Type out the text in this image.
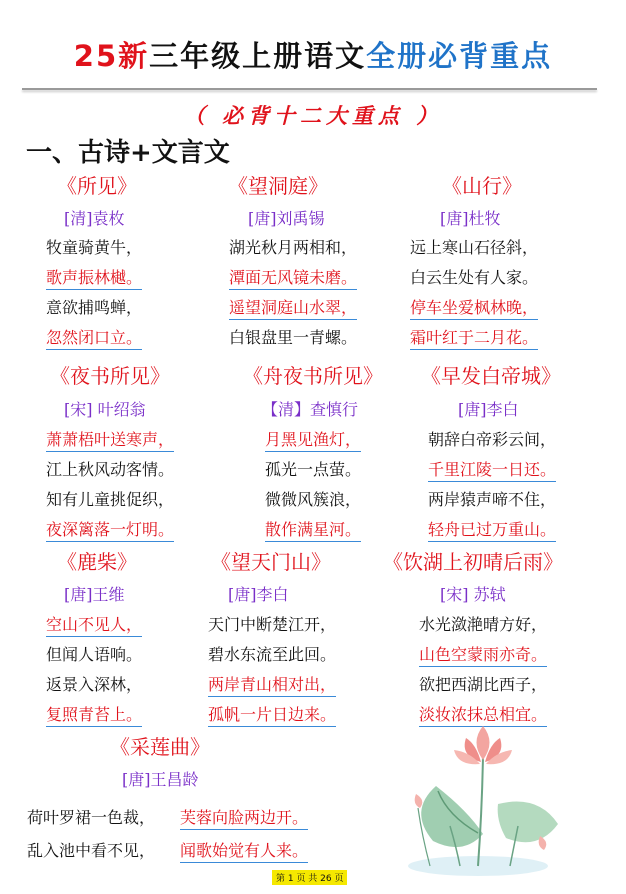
25新三年级上册语文全册必背重点
（ 必背十二大重点 ）
一、古诗+文言文
《所见》
[清]袁枚
牧童骑黄牛，
歌声振林樾。
意欲捕鸣蝉，
忽然闭口立。
《望洞庭》
[唐]刘禹锡
湖光秋月两相和，
潭面无风镜未磨。
遥望洞庭山水翠，
白银盘里一青螺。
《山行》
[唐]杜牧
远上寒山石径斜，
白云生处有人家。
停车坐爱枫林晚，
霜叶红于二月花。
《夜书所见》
[宋] 叶绍翁
萧萧梧叶送寒声，
江上秋风动客情。
知有儿童挑促织，
夜深篱落一灯明。
《舟夜书所见》
【清】查慎行
月黑见渔灯，
孤光一点萤。
微微风簇浪，
散作满星河。
《早发白帝城》
[唐]李白
朝辞白帝彩云间，
千里江陵一日还。
两岸猿声啼不住，
轻舟已过万重山。
《鹿柴》
[唐]王维
空山不见人，
但闻人语响。
返景入深林，
复照青苔上。
《望天门山》
[唐]李白
天门中断楚江开，
碧水东流至此回。
两岸青山相对出，
孤帆一片日边来。
《饮湖上初晴后雨》
[宋] 苏轼
水光潋滟晴方好，
山色空蒙雨亦奇。
欲把西湖比西子，
淡妆浓抹总相宜。
《采莲曲》
[唐]王昌龄
荷叶罗裙一色裁， 芙蓉向脸两边开。
乱入池中看不见， 闻歌始觉有人来。
第 1 页 共 26 页
